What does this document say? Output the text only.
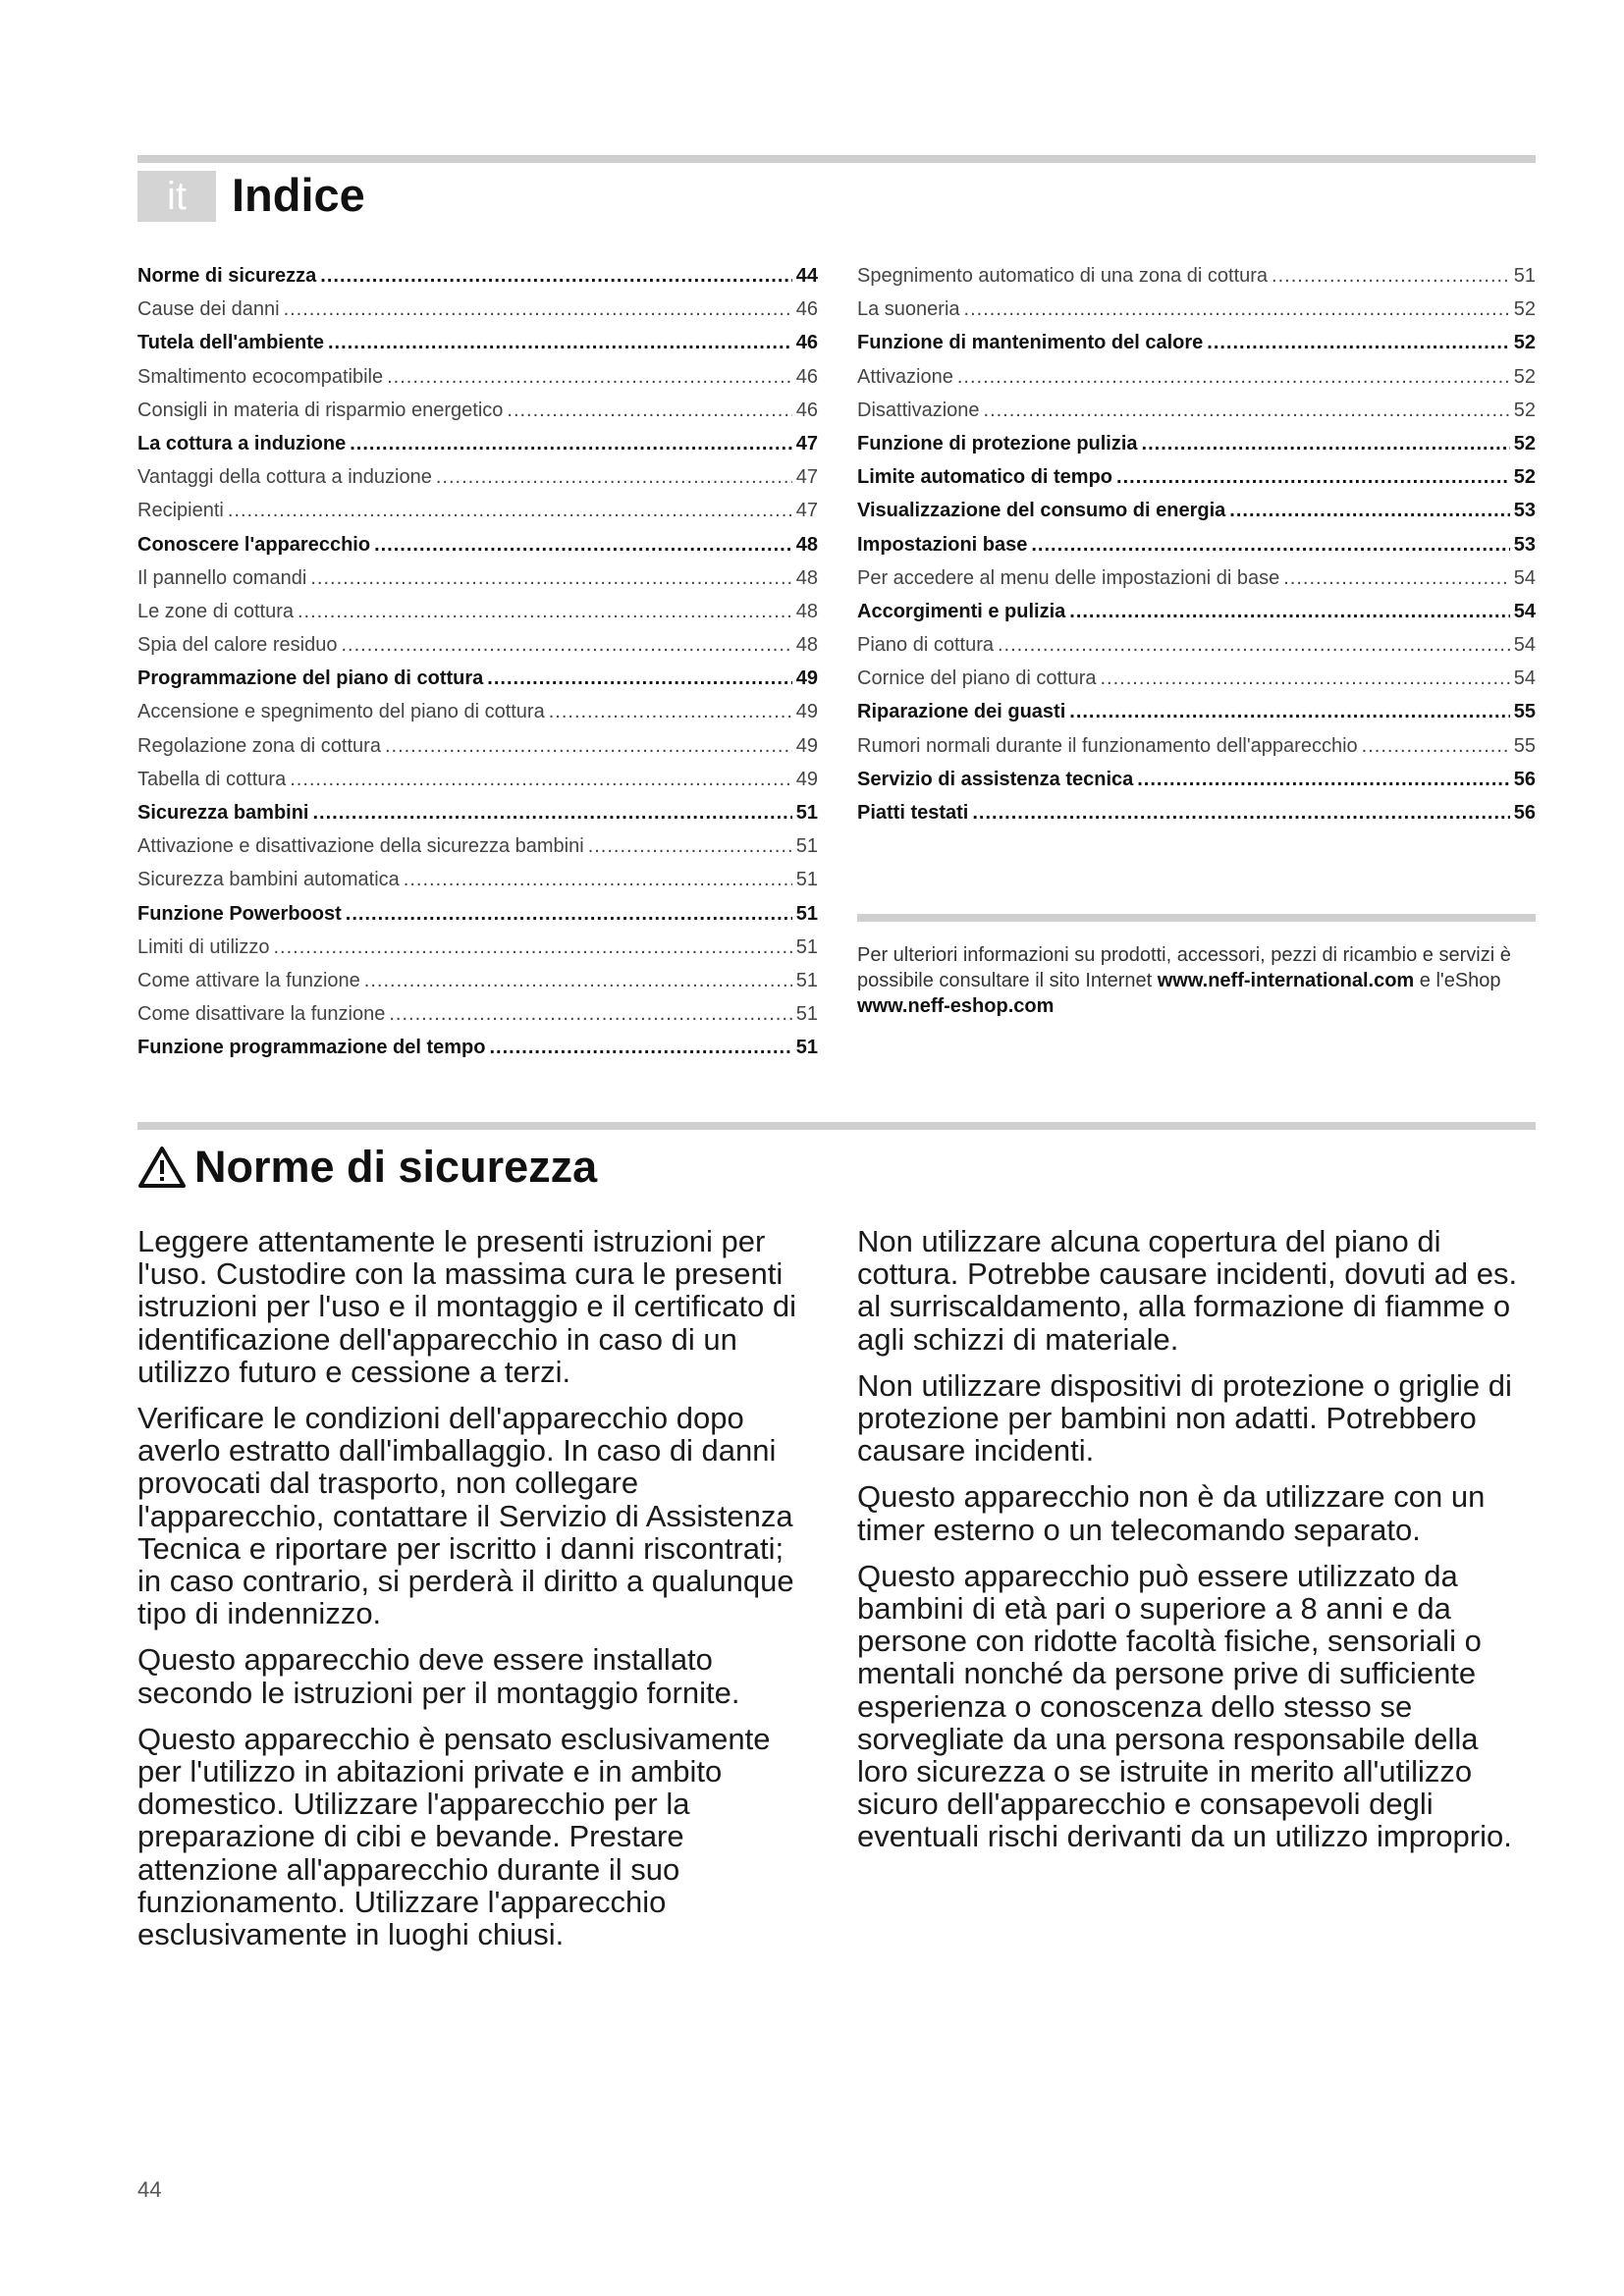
it Indice
Norme di sicurezza .....	44
Cause dei danni .....	46
Tutela dell'ambiente .....	46
Smaltimento ecocompatibile .....	46
Consigli in materia di risparmio energetico .....	46
La cottura a induzione .....	47
Vantaggi della cottura a induzione .....	47
Recipienti .....	47
Conoscere l'apparecchio .....	48
Il pannello comandi .....	48
Le zone di cottura .....	48
Spia del calore residuo .....	48
Programmazione del piano di cottura .....	49
Accensione e spegnimento del piano di cottura .....	49
Regolazione zona di cottura .....	49
Tabella di cottura .....	49
Sicurezza bambini .....	51
Attivazione e disattivazione della sicurezza bambini .....	51
Sicurezza bambini automatica .....	51
Funzione Powerboost .....	51
Limiti di utilizzo .....	51
Come attivare la funzione .....	51
Come disattivare la funzione .....	51
Funzione programmazione del tempo .....	51
Spegnimento automatico di una zona di cottura .....	51
La suoneria .....	52
Funzione di mantenimento del calore .....	52
Attivazione .....	52
Disattivazione .....	52
Funzione di protezione pulizia .....	52
Limite automatico di tempo .....	52
Visualizzazione del consumo di energia .....	53
Impostazioni base .....	53
Per accedere al menu delle impostazioni di base .....	54
Accorgimenti e pulizia .....	54
Piano di cottura .....	54
Cornice del piano di cottura .....	54
Riparazione dei guasti .....	55
Rumori normali durante il funzionamento dell'apparecchio .....	55
Servizio di assistenza tecnica .....	56
Piatti testati .....	56
Per ulteriori informazioni su prodotti, accessori, pezzi di ricambio e servizi è possibile consultare il sito Internet www.neff-international.com e l'eShop www.neff-eshop.com
Norme di sicurezza

Leggere attentamente le presenti istruzioni per l'uso. Custodire con la massima cura le presenti istruzioni per l'uso e il montaggio e il certificato di identificazione dell'apparecchio in caso di un utilizzo futuro e cessione a terzi.

Verificare le condizioni dell'apparecchio dopo averlo estratto dall'imballaggio. In caso di danni provocati dal trasporto, non collegare l'apparecchio, contattare il Servizio di Assistenza Tecnica e riportare per iscritto i danni riscontrati; in caso contrario, si perderà il diritto a qualunque tipo di indennizzo.

Questo apparecchio deve essere installato secondo le istruzioni per il montaggio fornite.

Questo apparecchio è pensato esclusivamente per l'utilizzo in abitazioni private e in ambito domestico. Utilizzare l'apparecchio per la preparazione di cibi e bevande. Prestare attenzione all'apparecchio durante il suo funzionamento. Utilizzare l'apparecchio esclusivamente in luoghi chiusi.

Non utilizzare alcuna copertura del piano di cottura. Potrebbe causare incidenti, dovuti ad es. al surriscaldamento, alla formazione di fiamme o agli schizzi di materiale.

Non utilizzare dispositivi di protezione o griglie di protezione per bambini non adatti. Potrebbero causare incidenti.

Questo apparecchio non è da utilizzare con un timer esterno o un telecomando separato.

Questo apparecchio può essere utilizzato da bambini di età pari o superiore a 8 anni e da persone con ridotte facoltà fisiche, sensoriali o mentali nonché da persone prive di sufficiente esperienza o conoscenza dello stesso se sorvegliate da una persona responsabile della loro sicurezza o se istruite in merito all'utilizzo sicuro dell'apparecchio e consapevoli degli eventuali rischi derivanti da un utilizzo improprio.

44
